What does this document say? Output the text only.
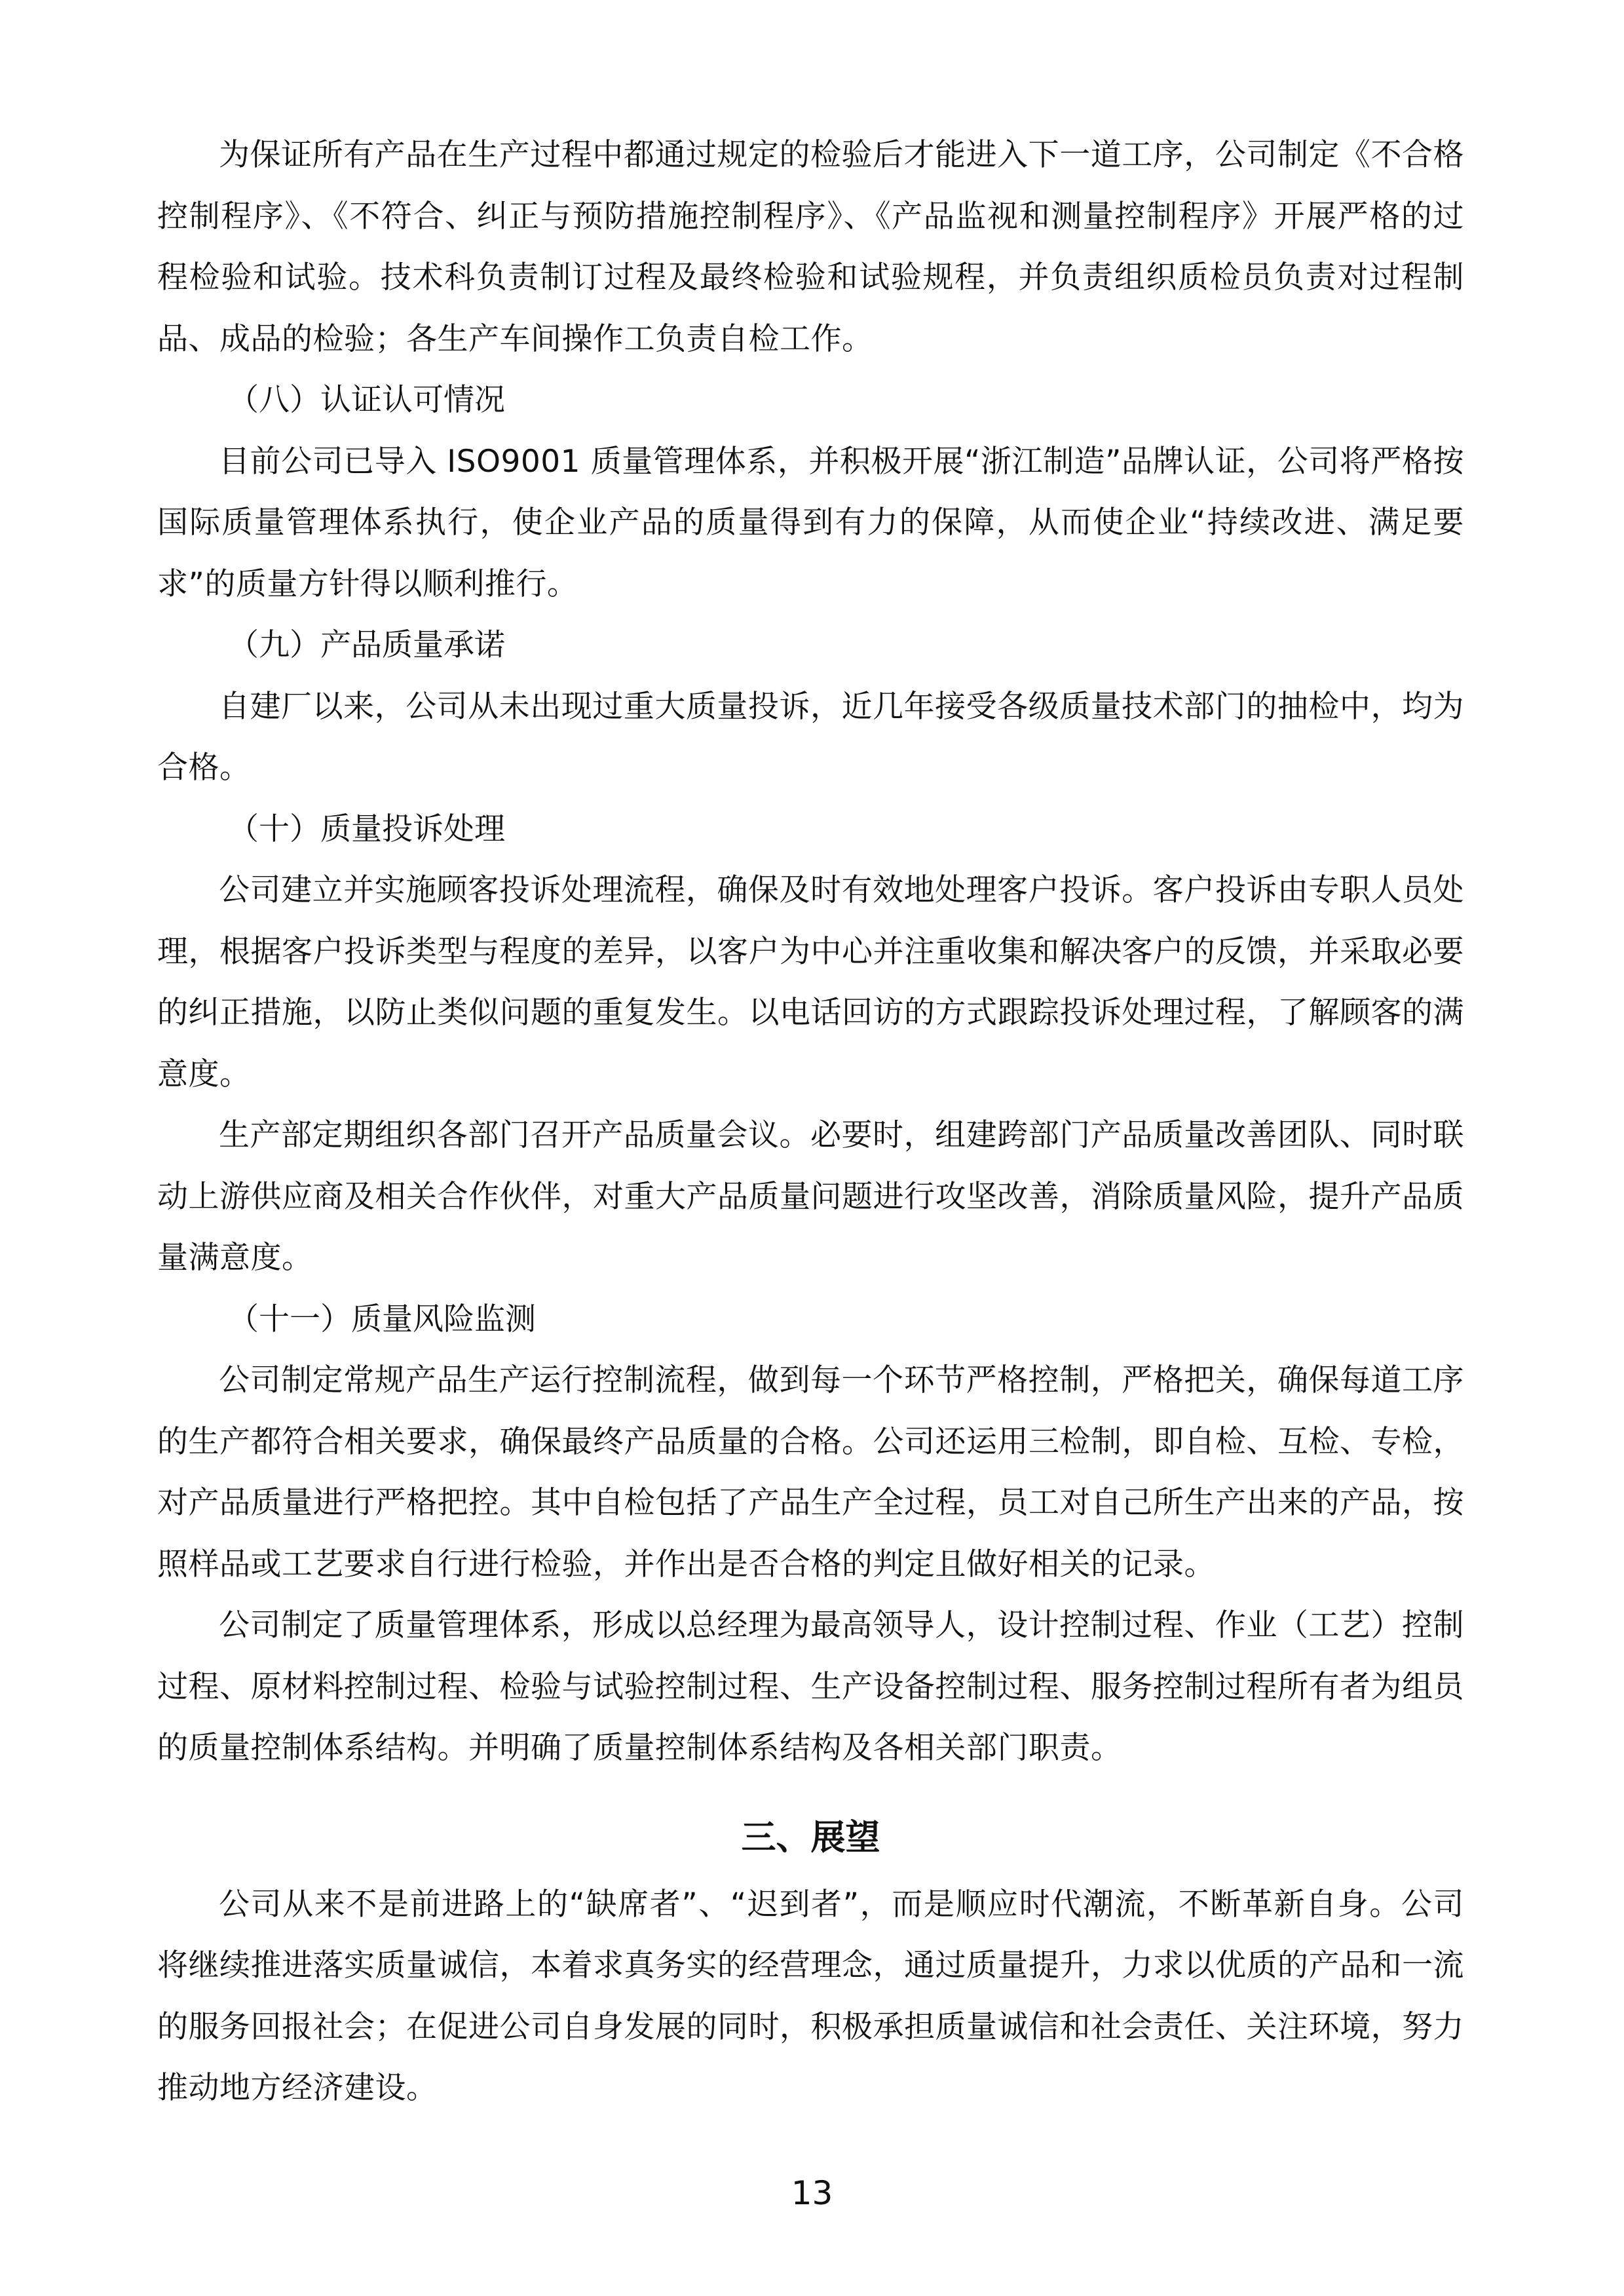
为保证所有产品在生产过程中都通过规定的检验后才能进入下一道工序，公司制定《不合格控制程序》、《不符合、纠正与预防措施控制程序》、《产品监视和测量控制程序》开展严格的过程检验和试验。技术科负责制订过程及最终检验和试验规程，并负责组织质检员负责对过程制品、成品的检验；各生产车间操作工负责自检工作。

（八）认证认可情况

目前公司已导入 ISO9001 质量管理体系，并积极开展“浙江制造”品牌认证，公司将严格按国际质量管理体系执行，使企业产品的质量得到有力的保障，从而使企业“持续改进、满足要求”的质量方针得以顺利推行。

（九）产品质量承诺

自建厂以来，公司从未出现过重大质量投诉，近几年接受各级质量技术部门的抽检中，均为合格。

（十）质量投诉处理

公司建立并实施顾客投诉处理流程，确保及时有效地处理客户投诉。客户投诉由专职人员处理，根据客户投诉类型与程度的差异，以客户为中心并注重收集和解决客户的反馈，并采取必要的纠正措施，以防止类似问题的重复发生。以电话回访的方式跟踪投诉处理过程，了解顾客的满意度。

生产部定期组织各部门召开产品质量会议。必要时，组建跨部门产品质量改善团队、同时联动上游供应商及相关合作伙伴，对重大产品质量问题进行攻坚改善，消除质量风险，提升产品质量满意度。

（十一）质量风险监测

公司制定常规产品生产运行控制流程，做到每一个环节严格控制，严格把关，确保每道工序的生产都符合相关要求，确保最终产品质量的合格。公司还运用三检制，即自检、互检、专检，对产品质量进行严格把控。其中自检包括了产品生产全过程，员工对自己所生产出来的产品，按照样品或工艺要求自行进行检验，并作出是否合格的判定且做好相关的记录。

公司制定了质量管理体系，形成以总经理为最高领导人，设计控制过程、作业（工艺）控制过程、原材料控制过程、检验与试验控制过程、生产设备控制过程、服务控制过程所有者为组员的质量控制体系结构。并明确了质量控制体系结构及各相关部门职责。

三、展望

公司从来不是前进路上的“缺席者”、“迟到者”，而是顺应时代潮流，不断革新自身。公司将继续推进落实质量诚信，本着求真务实的经营理念，通过质量提升，力求以优质的产品和一流的服务回报社会；在促进公司自身发展的同时，积极承担质量诚信和社会责任、关注环境，努力推动地方经济建设。

13
